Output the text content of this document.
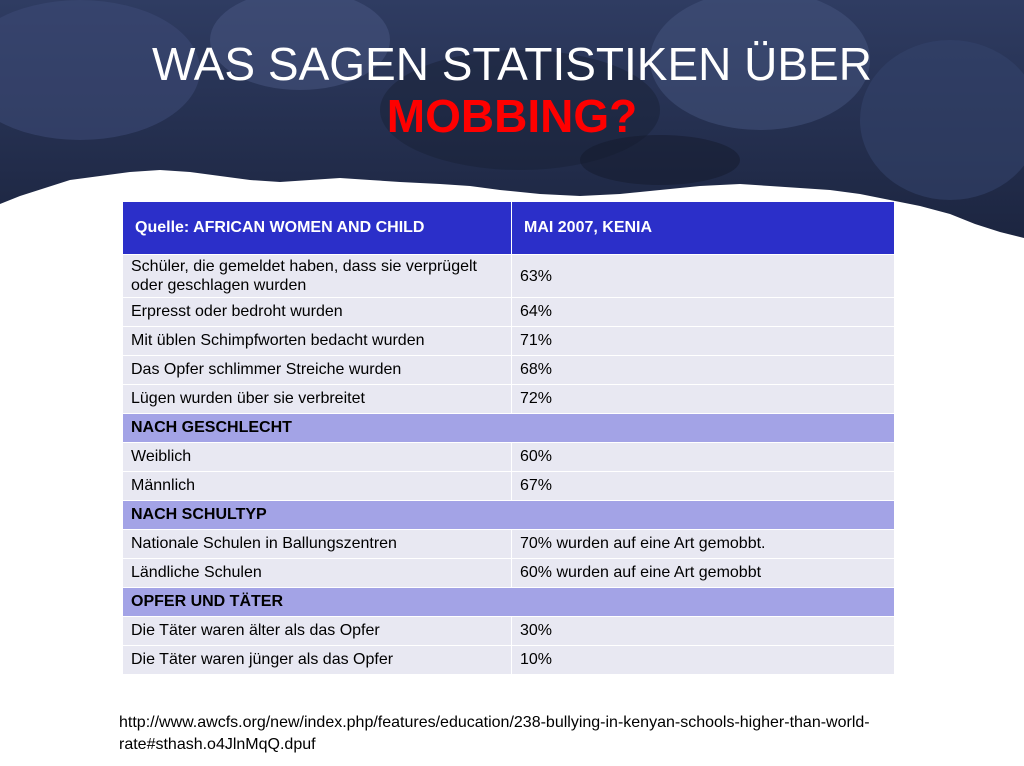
WAS SAGEN STATISTIKEN ÜBER
MOBBING?
Quelle: AFRICAN WOMEN AND CHILD	MAI 2007, KENIA
Schüler, die gemeldet haben, dass sie verprügelt oder geschlagen wurden	63%
Erpresst oder bedroht wurden	64%
Mit üblen Schimpfworten bedacht wurden	71%
Das Opfer schlimmer Streiche wurden	68%
Lügen wurden über sie verbreitet	72%
NACH GESCHLECHT	
Weiblich	60%
Männlich	67%
NACH SCHULTYP	
Nationale Schulen in Ballungszentren	70% wurden auf eine Art gemobbt.
Ländliche Schulen	60% wurden auf eine Art gemobbt
OPFER UND TÄTER	
Die Täter waren älter als das Opfer	30%
Die Täter waren jünger als das Opfer	10%
http://www.awcfs.org/new/index.php/features/education/238-bullying-in-kenyan-schools-higher-than-world-rate#sthash.o4JlnMqQ.dpuf
